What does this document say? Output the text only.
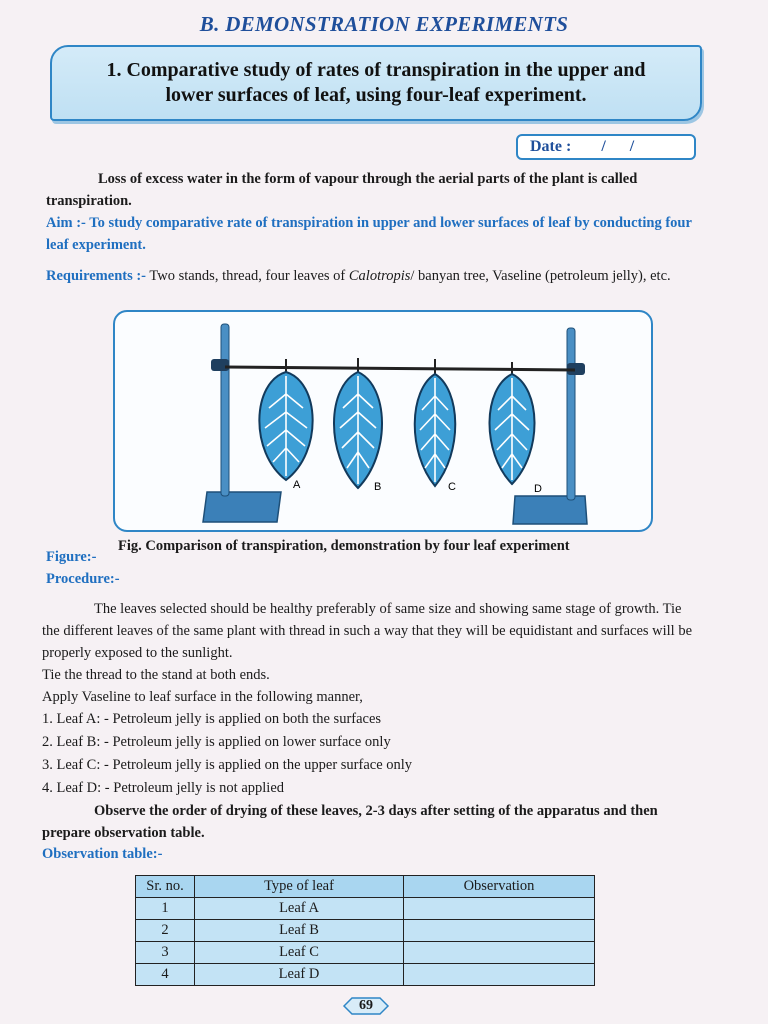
B. DEMONSTRATION EXPERIMENTS
1. Comparative study of rates of transpiration in the upper and
lower surfaces of leaf, using four-leaf experiment.
Date : / /
Loss of excess water in the form of vapour through the aerial parts of the plant is called transpiration.
Aim :- To study comparative rate of transpiration in upper and lower surfaces of leaf by conducting four leaf experiment.
Requirements :- Two stands, thread, four leaves of Calotropis/ banyan tree, Vaseline (petroleum jelly), etc.
A	B	C	D
Fig. Comparison of transpiration, demonstration by four leaf experiment
Figure:-
Procedure:-
The leaves selected should be healthy preferably of same size and showing same stage of growth. Tie the different leaves of the same plant with thread in such a way that they will be equidistant and surfaces will be properly exposed to the sunlight.
Tie the thread to the stand at both ends.
Apply Vaseline to leaf surface in the following manner,
1. Leaf A: - Petroleum jelly is applied on both the surfaces
2. Leaf B: - Petroleum jelly is applied on lower surface only
3. Leaf C: - Petroleum jelly is applied on the upper surface only
4. Leaf D: - Petroleum jelly is not applied
Observe the order of drying of these leaves, 2-3 days after setting of the apparatus and then prepare observation table.
Observation table:-
Sr. no.	Type of leaf	Observation
1	Leaf A	
2	Leaf B	
3	Leaf C	
4	Leaf D	
69
